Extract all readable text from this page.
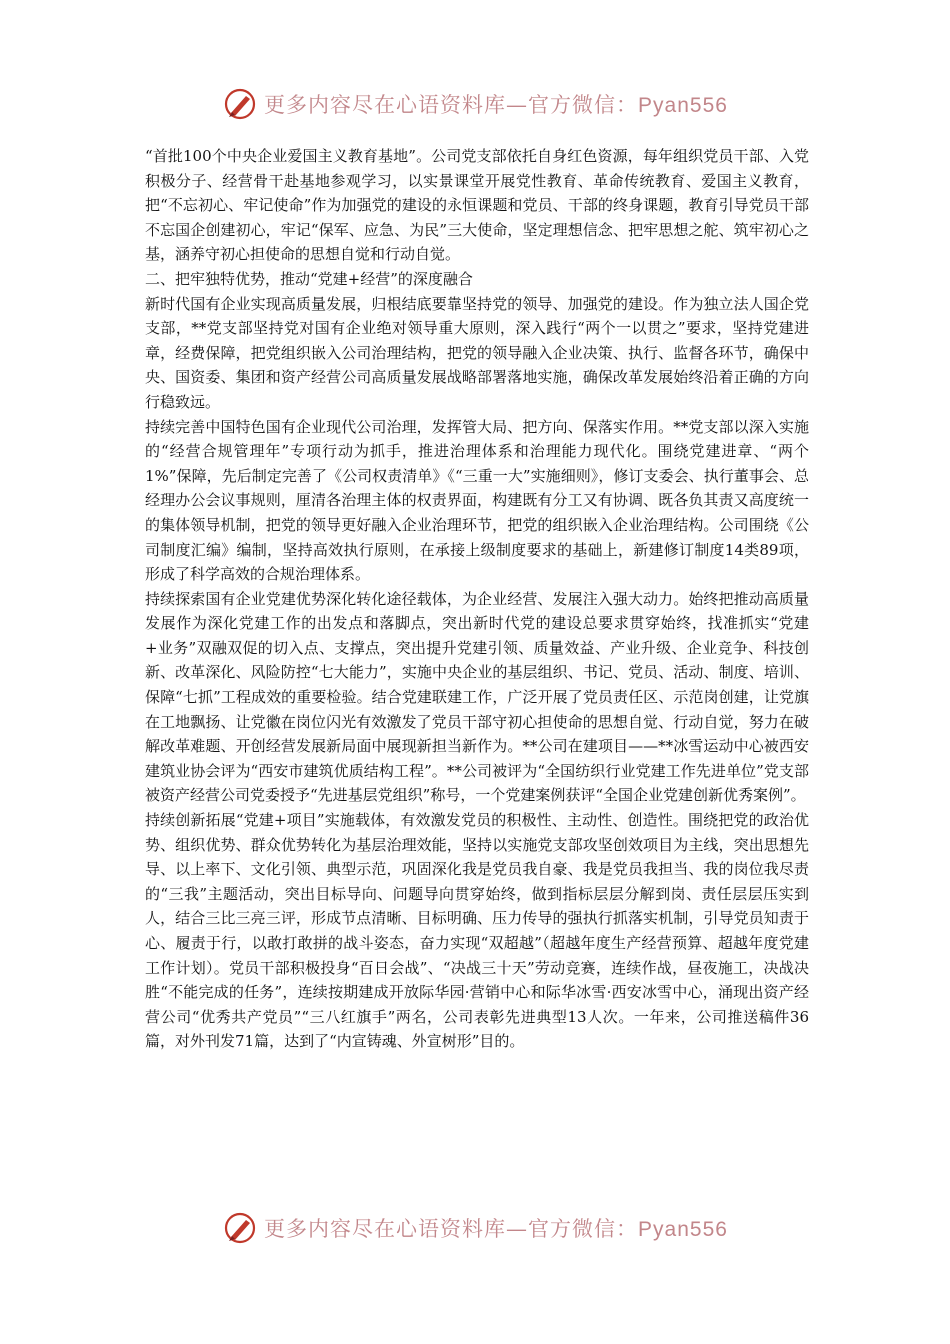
更多内容尽在心语资料库—官方微信：Pyan556

“首批100个中央企业爱国主义教育基地”。公司党支部依托自身红色资源，每年组织党员干部、入党积极分子、经营骨干赴基地参观学习，以实景课堂开展党性教育、革命传统教育、爱国主义教育，把“不忘初心、牢记使命”作为加强党的建设的永恒课题和党员、干部的终身课题，教育引导党员干部不忘国企创建初心，牢记“保军、应急、为民”三大使命，坚定理想信念、把牢思想之舵、筑牢初心之基，涵养守初心担使命的思想自觉和行动自觉。

二、把牢独特优势，推动“党建+经营”的深度融合

新时代国有企业实现高质量发展，归根结底要靠坚持党的领导、加强党的建设。作为独立法人国企党支部，**党支部坚持党对国有企业绝对领导重大原则，深入践行“两个一以贯之”要求，坚持党建进章，经费保障，把党组织嵌入公司治理结构，把党的领导融入企业决策、执行、监督各环节，确保中央、国资委、集团和资产经营公司高质量发展战略部署落地实施，确保改革发展始终沿着正确的方向行稳致远。

持续完善中国特色国有企业现代公司治理，发挥管大局、把方向、保落实作用。**党支部以深入实施的“经营合规管理年”专项行动为抓手，推进治理体系和治理能力现代化。围绕党建进章、“两个1%”保障，先后制定完善了《公司权责清单》《“三重一大”实施细则》，修订支委会、执行董事会、总经理办公会议事规则，厘清各治理主体的权责界面，构建既有分工又有协调、既各负其责又高度统一的集体领导机制，把党的领导更好融入企业治理环节，把党的组织嵌入企业治理结构。公司围绕《公司制度汇编》编制，坚持高效执行原则，在承接上级制度要求的基础上，新建修订制度14类89项，形成了科学高效的合规治理体系。

持续探索国有企业党建优势深化转化途径载体，为企业经营、发展注入强大动力。始终把推动高质量发展作为深化党建工作的出发点和落脚点，突出新时代党的建设总要求贯穿始终，找准抓实“党建+业务”双融双促的切入点、支撑点，突出提升党建引领、质量效益、产业升级、企业竞争、科技创新、改革深化、风险防控“七大能力”，实施中央企业的基层组织、书记、党员、活动、制度、培训、保障“七抓”工程成效的重要检验。结合党建联建工作，广泛开展了党员责任区、示范岗创建，让党旗在工地飘扬、让党徽在岗位闪光有效激发了党员干部守初心担使命的思想自觉、行动自觉，努力在破解改革难题、开创经营发展新局面中展现新担当新作为。**公司在建项目——**冰雪运动中心被西安建筑业协会评为“西安市建筑优质结构工程”。**公司被评为“全国纺织行业党建工作先进单位”党支部被资产经营公司党委授予“先进基层党组织”称号，一个党建案例获评“全国企业党建创新优秀案例”。

持续创新拓展“党建+项目”实施载体，有效激发党员的积极性、主动性、创造性。围绕把党的政治优势、组织优势、群众优势转化为基层治理效能，坚持以实施党支部攻坚创效项目为主线，突出思想先导、以上率下、文化引领、典型示范，巩固深化我是党员我自豪、我是党员我担当、我的岗位我尽责的“三我”主题活动，突出目标导向、问题导向贯穿始终，做到指标层层分解到岗、责任层层压实到人，结合三比三亮三评，形成节点清晰、目标明确、压力传导的强执行抓落实机制，引导党员知责于心、履责于行，以敢打敢拼的战斗姿态，奋力实现“双超越”（超越年度生产经营预算、超越年度党建工作计划）。党员干部积极投身“百日会战”、“决战三十天”劳动竞赛，连续作战，昼夜施工，决战决胜“不能完成的任务”，连续按期建成开放际华园·营销中心和际华冰雪·西安冰雪中心，涌现出资产经营公司“优秀共产党员”“三八红旗手”两名，公司表彰先进典型13人次。一年来，公司推送稿件36篇，对外刊发71篇，达到了“内宣铸魂、外宣树形”目的。

更多内容尽在心语资料库—官方微信：Pyan556
